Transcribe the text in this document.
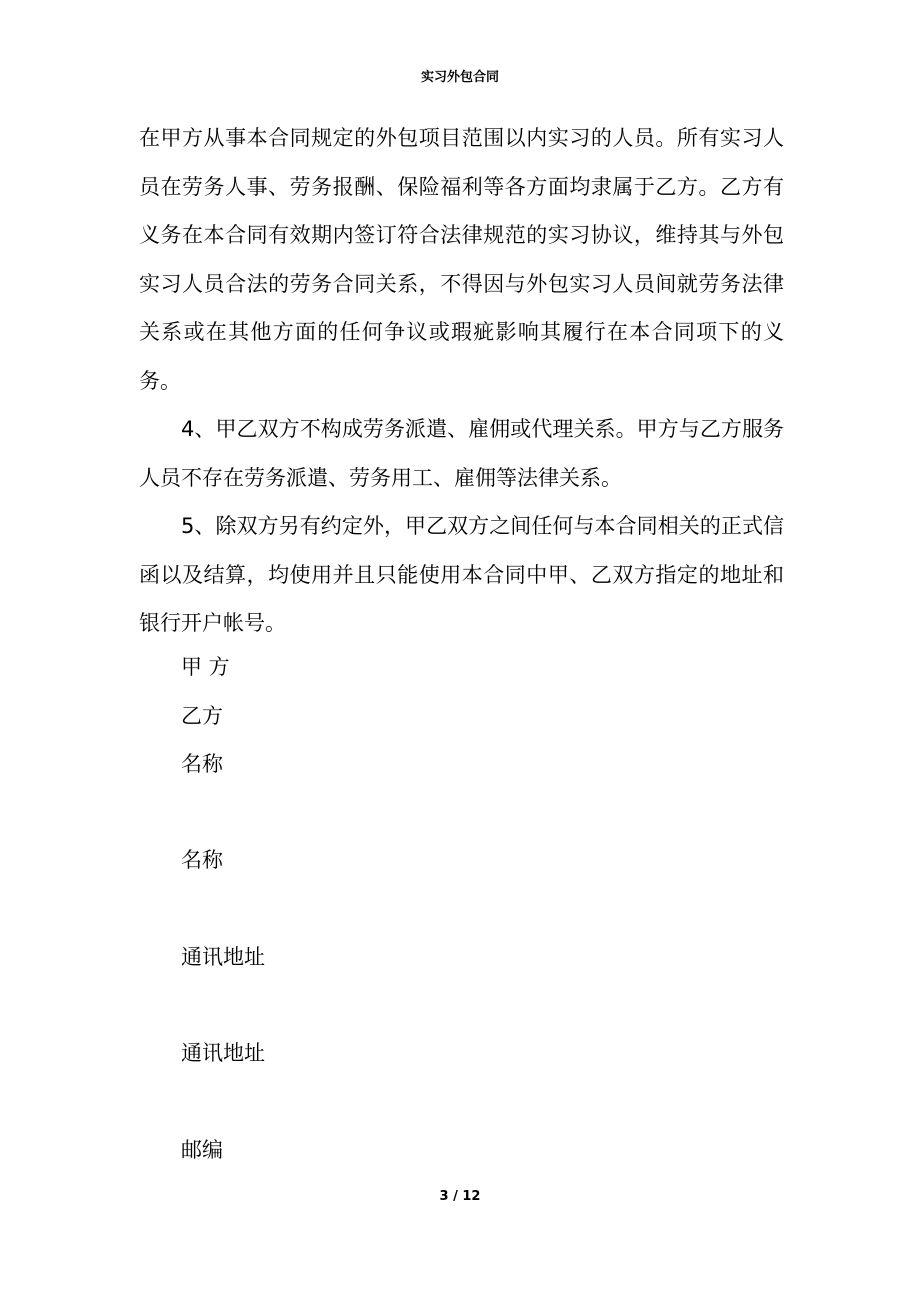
实习外包合同

在甲方从事本合同规定的外包项目范围以内实习的人员。所有实习人员在劳务人事、劳务报酬、保险福利等各方面均隶属于乙方。乙方有义务在本合同有效期内签订符合法律规范的实习协议，维持其与外包实习人员合法的劳务合同关系，不得因与外包实习人员间就劳务法律关系或在其他方面的任何争议或瑕疵影响其履行在本合同项下的义务。

4、甲乙双方不构成劳务派遣、雇佣或代理关系。甲方与乙方服务人员不存在劳务派遣、劳务用工、雇佣等法律关系。

5、除双方另有约定外，甲乙双方之间任何与本合同相关的正式信函以及结算，均使用并且只能使用本合同中甲、乙双方指定的地址和银行开户帐号。

甲 方
乙方
名称
名称
通讯地址
通讯地址
邮编
3 / 12
